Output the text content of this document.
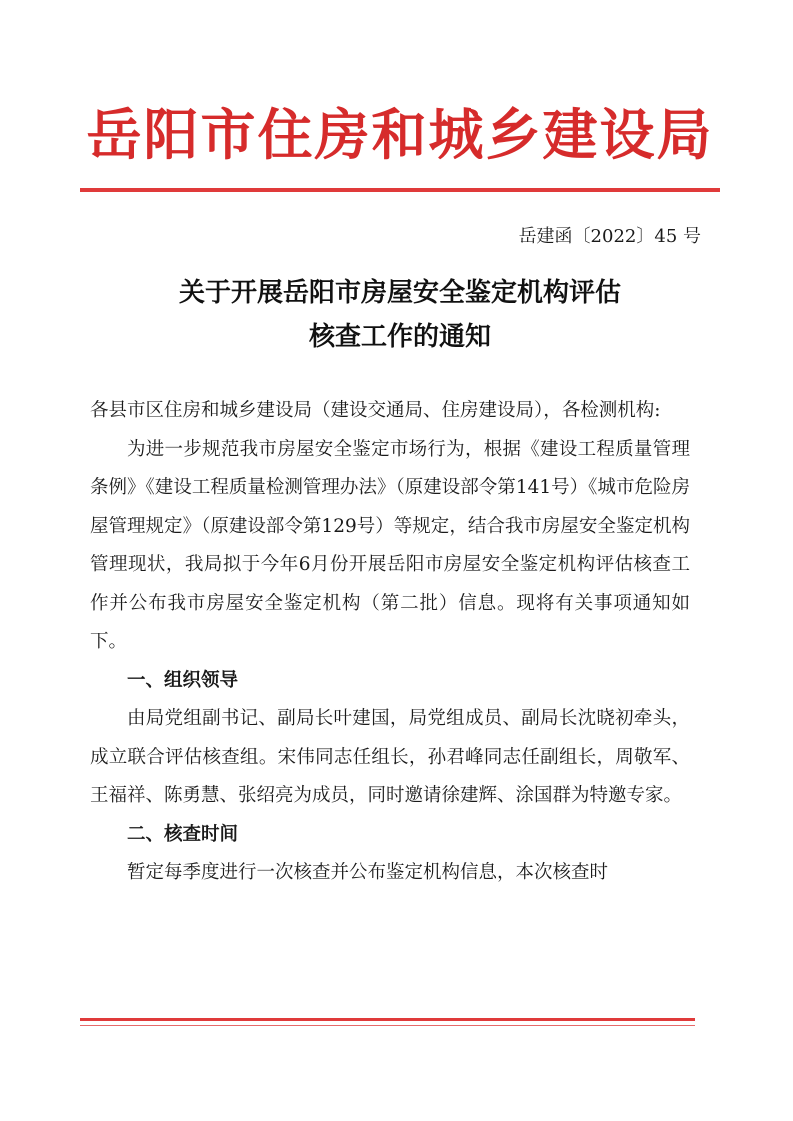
岳阳市住房和城乡建设局
岳建函〔2022〕45 号
关于开展岳阳市房屋安全鉴定机构评估
核查工作的通知

各县市区住房和城乡建设局（建设交通局、住房建设局），各检测机构:

为进一步规范我市房屋安全鉴定市场行为，根据《建设工程质量管理条例》《建设工程质量检测管理办法》（原建设部令第141号）《城市危险房屋管理规定》（原建设部令第129号）等规定，结合我市房屋安全鉴定机构管理现状，我局拟于今年6月份开展岳阳市房屋安全鉴定机构评估核查工作并公布我市房屋安全鉴定机构（第二批）信息。现将有关事项通知如下。

一、组织领导

由局党组副书记、副局长叶建国，局党组成员、副局长沈晓初牵头，成立联合评估核查组。宋伟同志任组长，孙君峰同志任副组长，周敬军、王福祥、陈勇慧、张绍亮为成员，同时邀请徐建辉、涂国群为特邀专家。

二、核查时间

暂定每季度进行一次核查并公布鉴定机构信息，本次核查时
